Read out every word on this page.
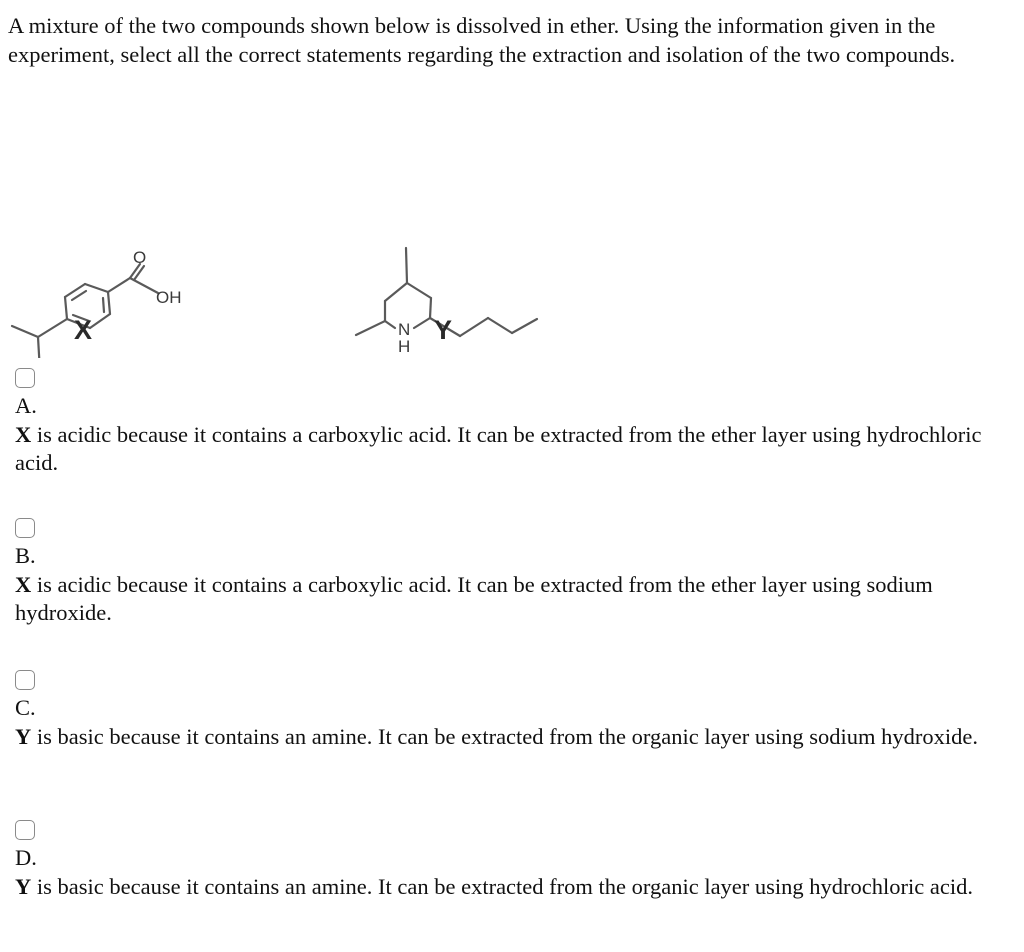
A mixture of the two compounds shown below is dissolved in ether. Using the information given in the experiment, select all the correct statements regarding the extraction and isolation of the two compounds.
O
OH
N
H
X	Y
A.
X is acidic because it contains a carboxylic acid. It can be extracted from the ether layer using hydrochloric acid.
B.
X is acidic because it contains a carboxylic acid. It can be extracted from the ether layer using sodium hydroxide.
C.
Y is basic because it contains an amine. It can be extracted from the organic layer using sodium hydroxide.
D.
Y is basic because it contains an amine. It can be extracted from the organic layer using hydrochloric acid.
